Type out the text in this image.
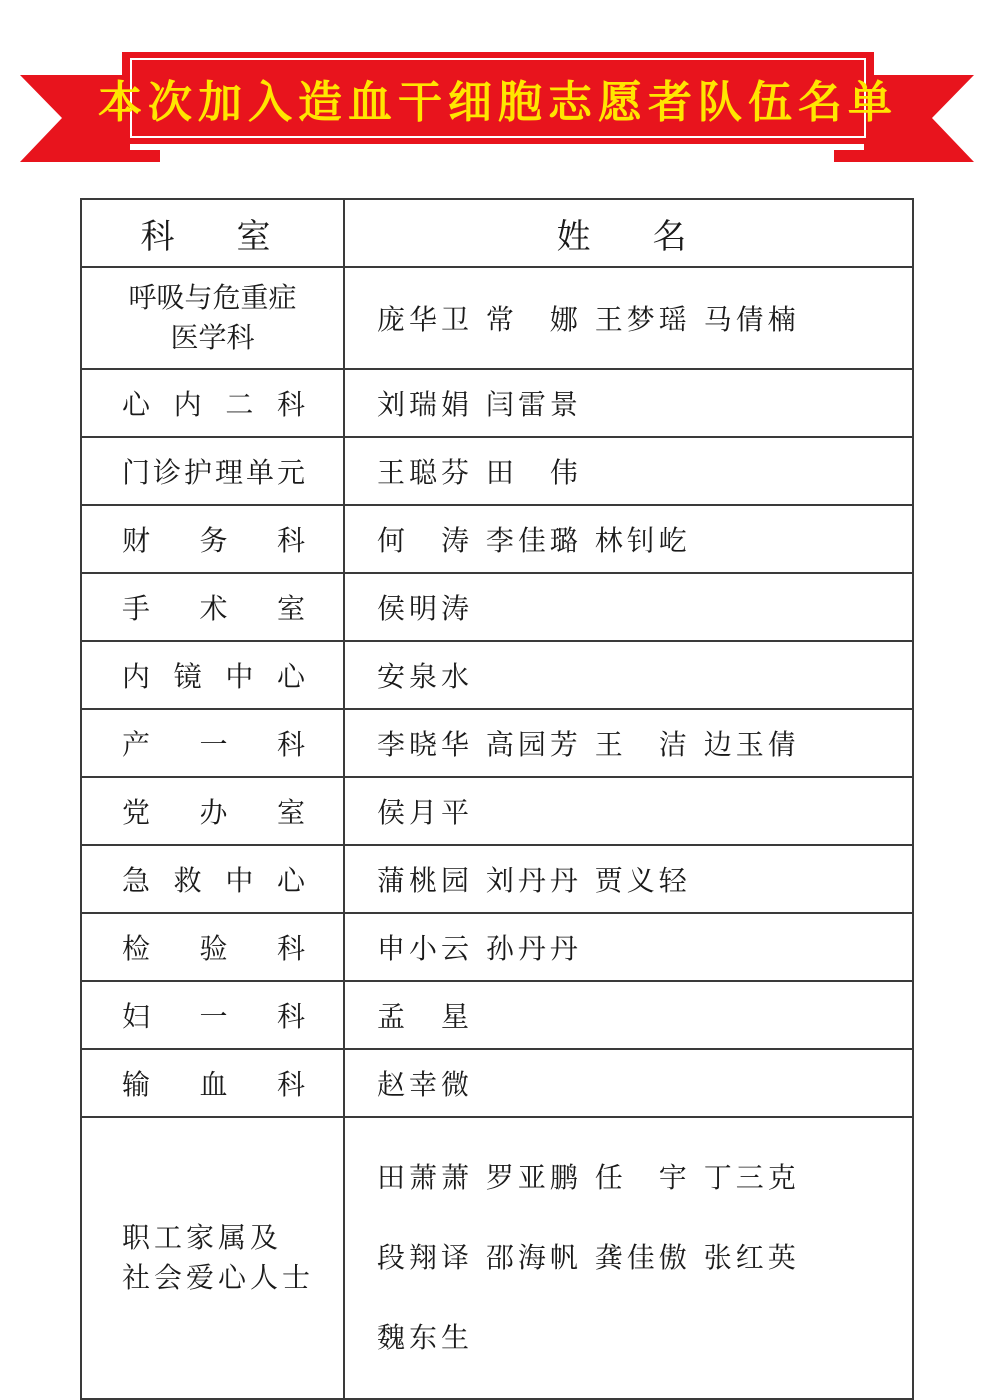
本次加入造血干细胞志愿者队伍名单
科　室	姓　名

呼吸与危重症
医学科	庞华卫 常　娜 王梦瑶 马倩楠
心内二科	刘瑞娟 闫雷景
门诊护理单元	王聪芬 田　伟
财务科	何　涛 李佳璐 林钊屹
手术室	侯明涛
内镜中心	安泉水
产一科	李晓华 高园芳 王　洁 边玉倩
党办室	侯月平
急救中心	蒲桃园 刘丹丹 贾义轻
检验科	申小云 孙丹丹
妇一科	孟　星
输血科	赵幸微

职工家属及
社会爱心人士	田萧萧 罗亚鹏 任　宇 丁三克

段翔译 邵海帆 龚佳傲 张红英

魏东生
